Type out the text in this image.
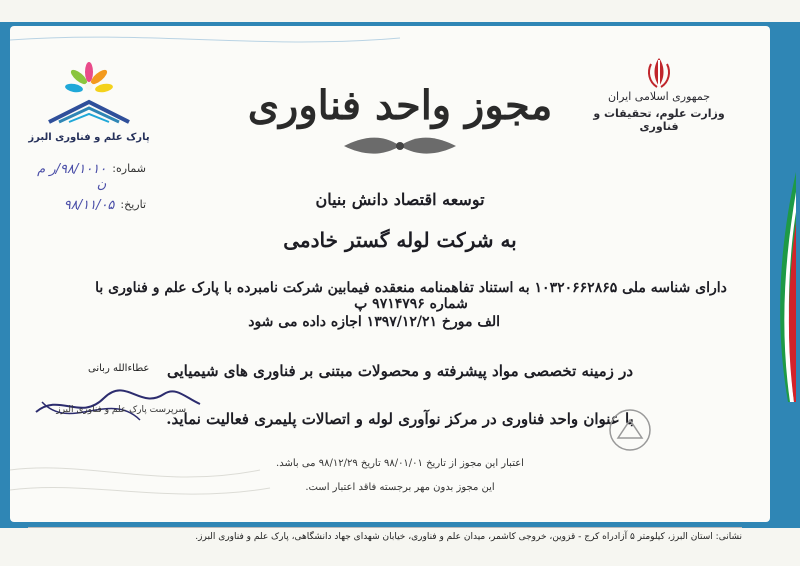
جمهوری اسلامی ایران
وزارت علوم، تحقیقات و فناوری
پارک علم و فناوری البرز
شماره:
۹۸/۱۰۱۰/ر م ن
تاریخ:
۹۸/۱۱/۰۵
مجوز واحد فناوری
توسعه اقتصاد دانش بنیان
به شرکت لوله گستر خادمی
دارای شناسه ملی ۱۰۳۲۰۶۶۲۸۶۵ به استناد تفاهمنامه منعقده فیمابین شرکت نامبرده با پارک علم و فناوری با شماره ۹۷۱۴۷۹۶ پ
الف مورخ ۱۳۹۷/۱۲/۲۱ اجازه داده می شود
در زمینه تخصصی مواد پیشرفته و محصولات مبتنی بر فناوری های شیمیایی
با عنوان واحد فناوری در مرکز نوآوری لوله و اتصالات پلیمری فعالیت نماید.
اعتبار این مجوز از تاریخ ۹۸/۰۱/۰۱ تاریخ ۹۸/۱۲/۲۹ می باشد.
این مجوز بدون مهر برجسته فاقد اعتبار است.
عطاءالله ربانی
سرپرست پارک علم و فناوری البرز
نشانی: استان البرز، کیلومتر ۵ آزادراه کرج - قزوین، خروجی کاشمر، میدان علم و فناوری، خیابان شهدای جهاد دانشگاهی، پارک علم و فناوری البرز.
